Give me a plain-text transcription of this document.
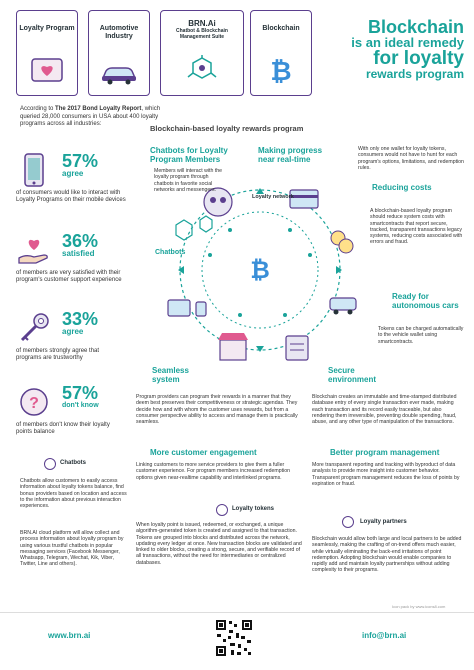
Loyalty Program	Automotive Industry
BRN.Ai
Chatbot & Blockchain Management Suite
Blockchain
₿
Blockchain
is an ideal remedy
for loyalty
rewards program
According to The 2017 Bond Loyalty Report, which queried 28,000 consumers in USA about 400 loyalty programs across all industries:
57%
agree
of consumers would like to interact with Loyalty Programs on their mobile devices
36%
satisfied
of members are very satisfied with their program's customer support experience
33%
agree
of members strongly agree that programs are trustworthy
?
57%
don't know
of members don't know their loyalty points balance
Blockchain-based loyalty rewards program
₿
Loyalty network
Chatbots
Chatbots for Loyalty Program Members
Members will interact with the loyalty program through chatbots in favorite social networks and messengers.
Making progress near real-time
With only one wallet for loyalty tokens, consumers would not have to hunt for each program's options, limitations, and redemption rules.
Reducing costs
A blockchain-based loyalty program should reduce system costs with smartcontracts that report secure, tracked, transparent transactions legacy systems, reducing costs associated with errors and fraud.
Ready for autonomous cars
Tokens can be charged automatically to the vehicle wallet using smartcontracts.
Seamless system
Program providers can program their rewards in a manner that they deem best preserves their competitiveness or strategic agendas. They decide how and with whom the customer uses rewards, but from a consumer perspective ability to access and manage them is practically seamless.
Secure environment
Blockchain creates an immutable and time-stamped distributed database entry of every single transaction ever made, making each transaction and its record easily traceable, but also rendering them irreversible, preventing double spending, fraud, abuse, and any other type of manipulation of the transactions.
More customer engagement
Linking customers to more service providers to give them a fuller customer experience. For program members increased redemption options given near-realtime capability and interlinked programs.
Better program management
More transparent reporting and tracking with byproduct of data analysis to provide more insight into customer behavior. Transparent program management reduces the loss of points by expiration or fraud.
Chatbots
Chatbots allow customers to easily access information about loyalty tokens balance, find bonus providers based on location and access to the information about previous interaction experiences.
BRN.AI cloud platform will allow collect and process information about loyalty program by using various trustful chatbots in popular messaging services (Facebook Messenger, Whatsapp, Telegram, Wechat, Kik, Viber, Twitter, Line and others).
Loyalty tokens
When loyalty point is issued, redeemed, or exchanged, a unique algorithm-generated token is created and assigned to that transaction. Tokens are grouped into blocks and distributed across the network, updating every ledger at once. New transaction blocks are validated and linked to older blocks, creating a strong, secure, and verifiable record of all transactions, without the need for intermediaries or centralized databases.
Loyalty partners
Blockchain would allow both large and local partners to be added seamlessly, making the crafting of on-trend offers much easier, while virtually eliminating the back-end irritations of point redemption. Adopting blockchain would enable companies to rapidly add and maintain loyalty partnerships without adding complexity to their programs.
Icon pack by www.icons8.com
www.brn.ai	info@brn.ai
